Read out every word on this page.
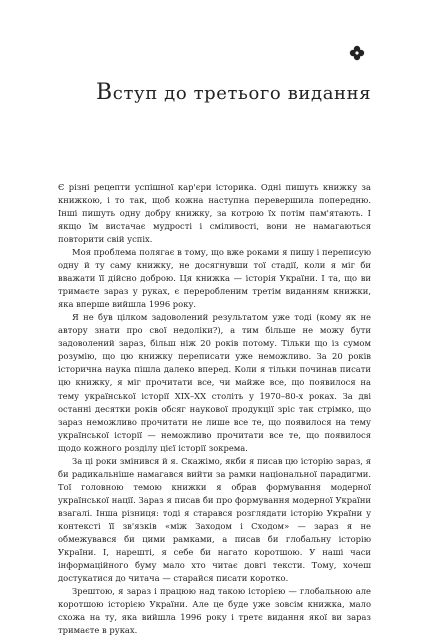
Вступ до третього видання

Є різні рецепти успішної кар'єри історика. Одні пишуть книжку за книжкою, і то так, щоб кожна наступна перевершила попередню. Інші пишуть одну добру книжку, за котрою їх потім пам'ятають. І якщо їм вистачає мудрості і сміливості, вони не намагаються повторити свій успіх.

Моя проблема полягає в тому, що вже роками я пишу і переписую одну й ту саму книжку, не досягнувши тої стадії, коли я міг би вважати її дійсно доброю. Ця книжка — історія України. І та, що ви тримаєте зараз у руках, є переробленим третім виданням книжки, яка вперше вийшла 1996 року.

Я не був цілком задоволений результатом уже тоді (кому як не автору знати про свої недоліки?), а тим більше не можу бути задоволений зараз, більш ніж 20 років потому. Тільки що із сумом розумію, що цю книжку переписати уже неможливо. За 20 років історична наука пішла далеко вперед. Коли я тільки починав писати цю книжку, я міг прочитати все, чи майже все, що появилося на тему української історії XIX–XX століть у 1970–80-х роках. За дві останні десятки років обсяг наукової продукції зріс так стрімко, що зараз неможливо прочитати не лише все те, що появилося на тему української історії — неможливо прочитати все те, що появилося щодо кожного розділу цієї історії зокрема.

За ці роки змінився й я. Скажімо, якби я писав цю історію зараз, я би радикальніше намагався вийти за рамки національної парадигми. Тої головною темою книжки я обрав формування модерної української нації. Зараз я писав би про формування модерної України взагалі. Інша різниця: тоді я старався розглядати історію України у контексті її зв'язків «між Заходом і Сходом» — зараз я не обмежувався би цими рамками, а писав би глобальну історію України. І, нарешті, я себе би нагато коротшою. У наші часи інформаційного буму мало хто читає довгі тексти. Тому, хочеш достукатися до читача — старайся писати коротко.

Зрештою, я зараз і працюю над такою історією — глобальною але коротшою історією України. Але це буде уже зовсім книжка, мало схожа на ту, яка вийшла 1996 року і третє видання якої ви зараз тримаєте в руках.
